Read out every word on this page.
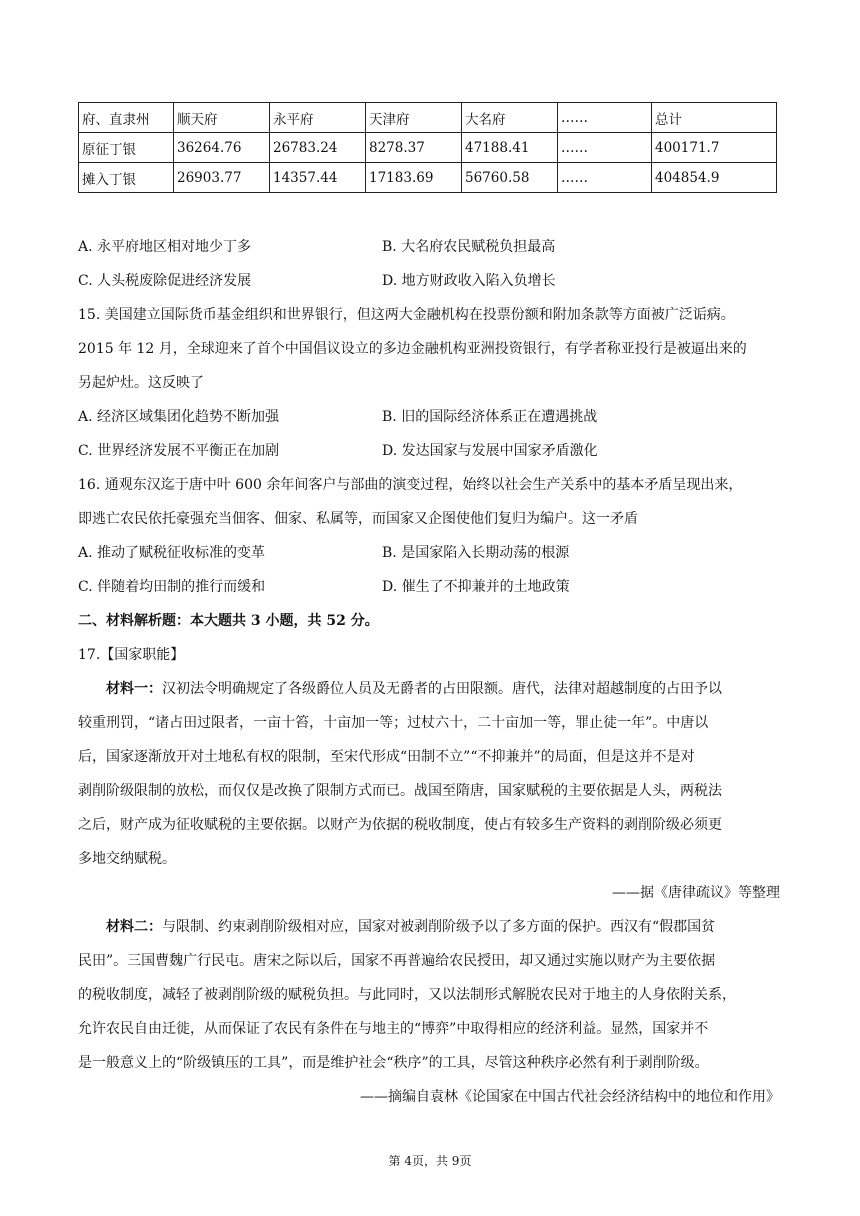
府、直隶州	顺天府	永平府	天津府	大名府	……	总计
原征丁银	36264.76	26783.24	8278.37	47188.41	……	400171.7
摊入丁银	26903.77	14357.44	17183.69	56760.58	……	404854.9
A. 永平府地区相对地少丁多	B. 大名府农民赋税负担最高
C. 人头税废除促进经济发展	D. 地方财政收入陷入负增长
15. 美国建立国际货币基金组织和世界银行，但这两大金融机构在投票份额和附加条款等方面被广泛诟病。
2015 年 12 月，全球迎来了首个中国倡议设立的多边金融机构亚洲投资银行，有学者称亚投行是被逼出来的
另起炉灶。这反映了
A. 经济区域集团化趋势不断加强	B. 旧的国际经济体系正在遭遇挑战
C. 世界经济发展不平衡正在加剧	D. 发达国家与发展中国家矛盾激化
16. 通观东汉迄于唐中叶 600 余年间客户与部曲的演变过程，始终以社会生产关系中的基本矛盾呈现出来，
即逃亡农民依托豪强充当佃客、佃家、私属等，而国家又企图使他们复归为编户。这一矛盾
A. 推动了赋税征收标准的变革	B. 是国家陷入长期动荡的根源
C. 伴随着均田制的推行而缓和	D. 催生了不抑兼并的土地政策
二、材料解析题：本大题共 3 小题，共 52 分。
17.【国家职能】
材料一：汉初法令明确规定了各级爵位人员及无爵者的占田限额。唐代，法律对超越制度的占田予以
较重刑罚，“诸占田过限者，一亩十笞，十亩加一等；过杖六十，二十亩加一等，罪止徒一年”。中唐以
后，国家逐渐放开对土地私有权的限制，至宋代形成“田制不立”“不抑兼并”的局面，但是这并不是对
剥削阶级限制的放松，而仅仅是改换了限制方式而已。战国至隋唐，国家赋税的主要依据是人头，两税法
之后，财产成为征收赋税的主要依据。以财产为依据的税收制度，使占有较多生产资料的剥削阶级必须更
多地交纳赋税。
——据《唐律疏议》等整理
材料二：与限制、约束剥削阶级相对应，国家对被剥削阶级予以了多方面的保护。西汉有“假郡国贫
民田”。三国曹魏广行民屯。唐宋之际以后，国家不再普遍给农民授田，却又通过实施以财产为主要依据
的税收制度，减轻了被剥削阶级的赋税负担。与此同时，又以法制形式解脱农民对于地主的人身依附关系，
允许农民自由迁徙，从而保证了农民有条件在与地主的“博弈”中取得相应的经济利益。显然，国家并不
是一般意义上的“阶级镇压的工具”，而是维护社会“秩序”的工具，尽管这种秩序必然有利于剥削阶级。
——摘编自袁林《论国家在中国古代社会经济结构中的地位和作用》
第 4页，共 9页
